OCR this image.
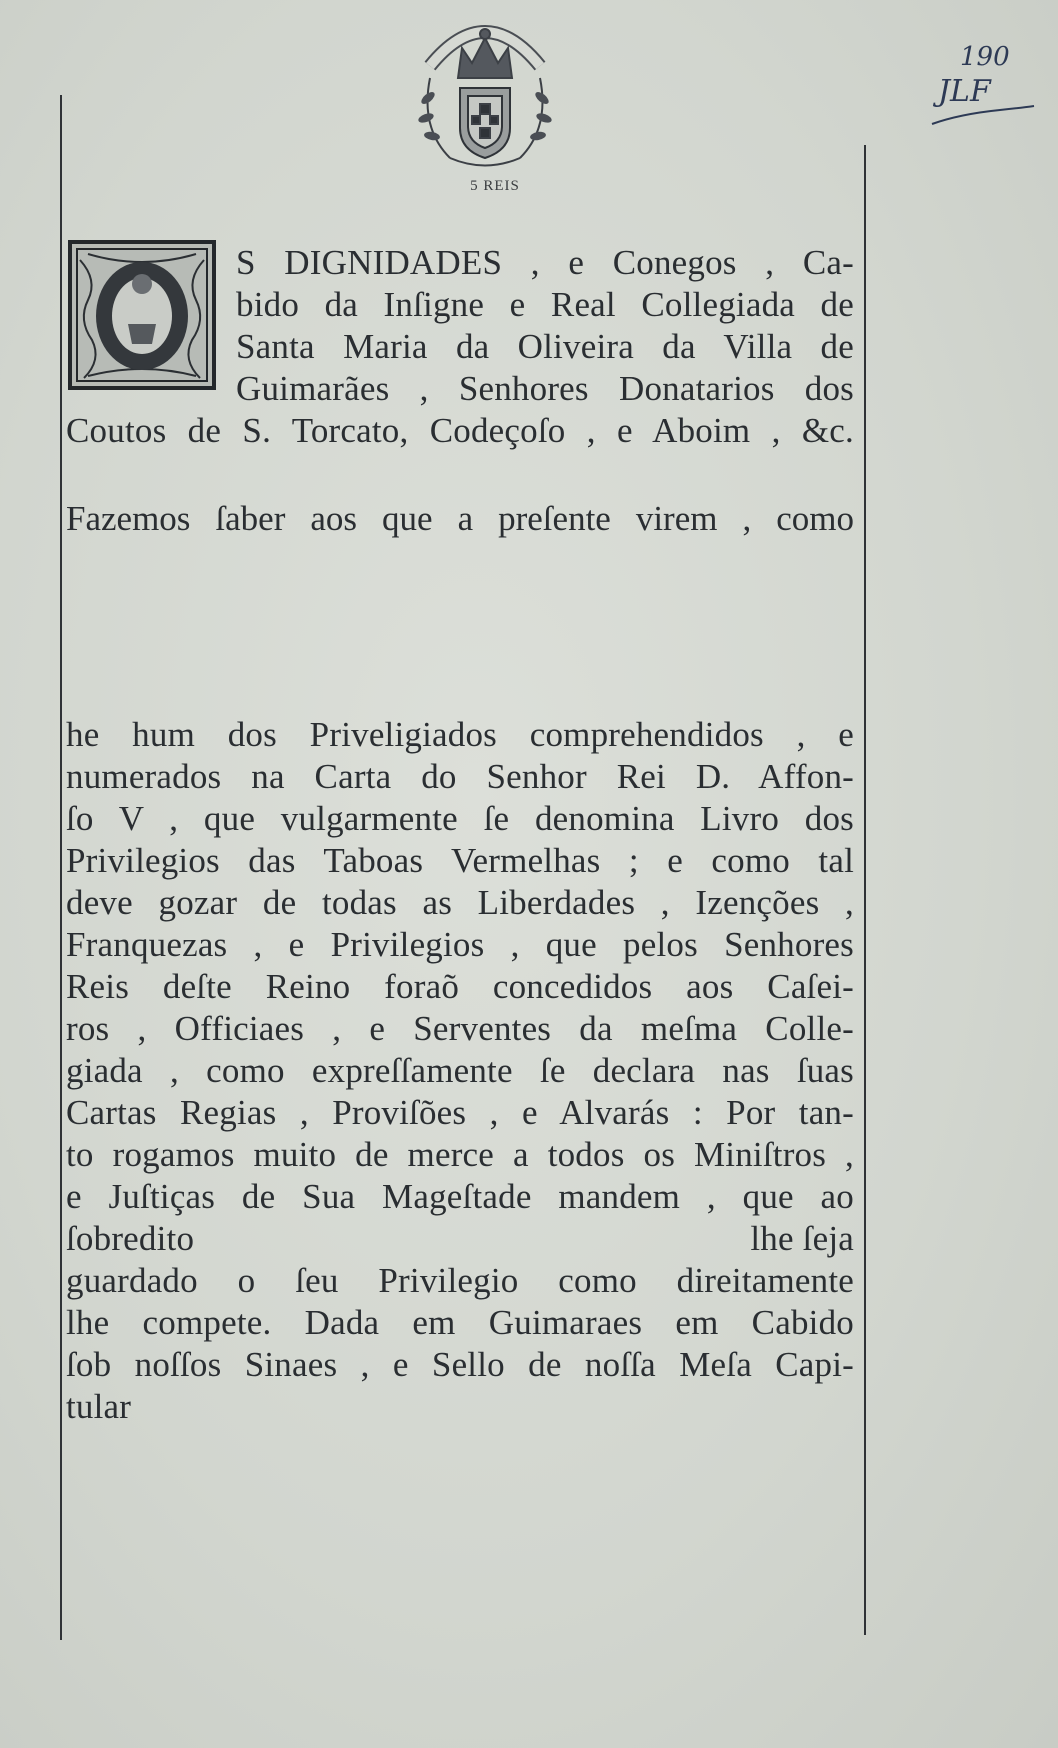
5 REIS
190
JLF
S DIGNIDADES , e Conegos , Ca-
bido da Inſigne e Real Collegiada de
Santa Maria da Oliveira da Villa de
Guimarães , Senhores Donatarios dos
Coutos de S. Torcato, Codeçoſo , e Aboim , &c.
Fazemos ſaber aos que a preſente virem , como
he hum dos Priveligiados comprehendidos , e
numerados na Carta do Senhor Rei D. Affon-
ſo V , que vulgarmente ſe denomina Livro dos
Privilegios das Taboas Vermelhas ; e como tal
deve gozar de todas as Liberdades , Izenções ,
Franquezas , e Privilegios , que pelos Senhores
Reis deſte Reino foraõ concedidos aos Caſei-
ros , Officiaes , e Serventes da meſma Colle-
giada , como expreſſamente ſe declara nas ſuas
Cartas Regias , Proviſões , e Alvarás : Por tan-
to rogamos muito de merce a todos os Miniſtros ,
e Juſtiças de Sua Mageſtade mandem , que ao
ſobredito	lhe ſeja
guardado o ſeu Privilegio como direitamente
lhe compete. Dada em Guimaraes em Cabido
ſob noſſos Sinaes , e Sello de noſſa Meſa Capi-
tular
